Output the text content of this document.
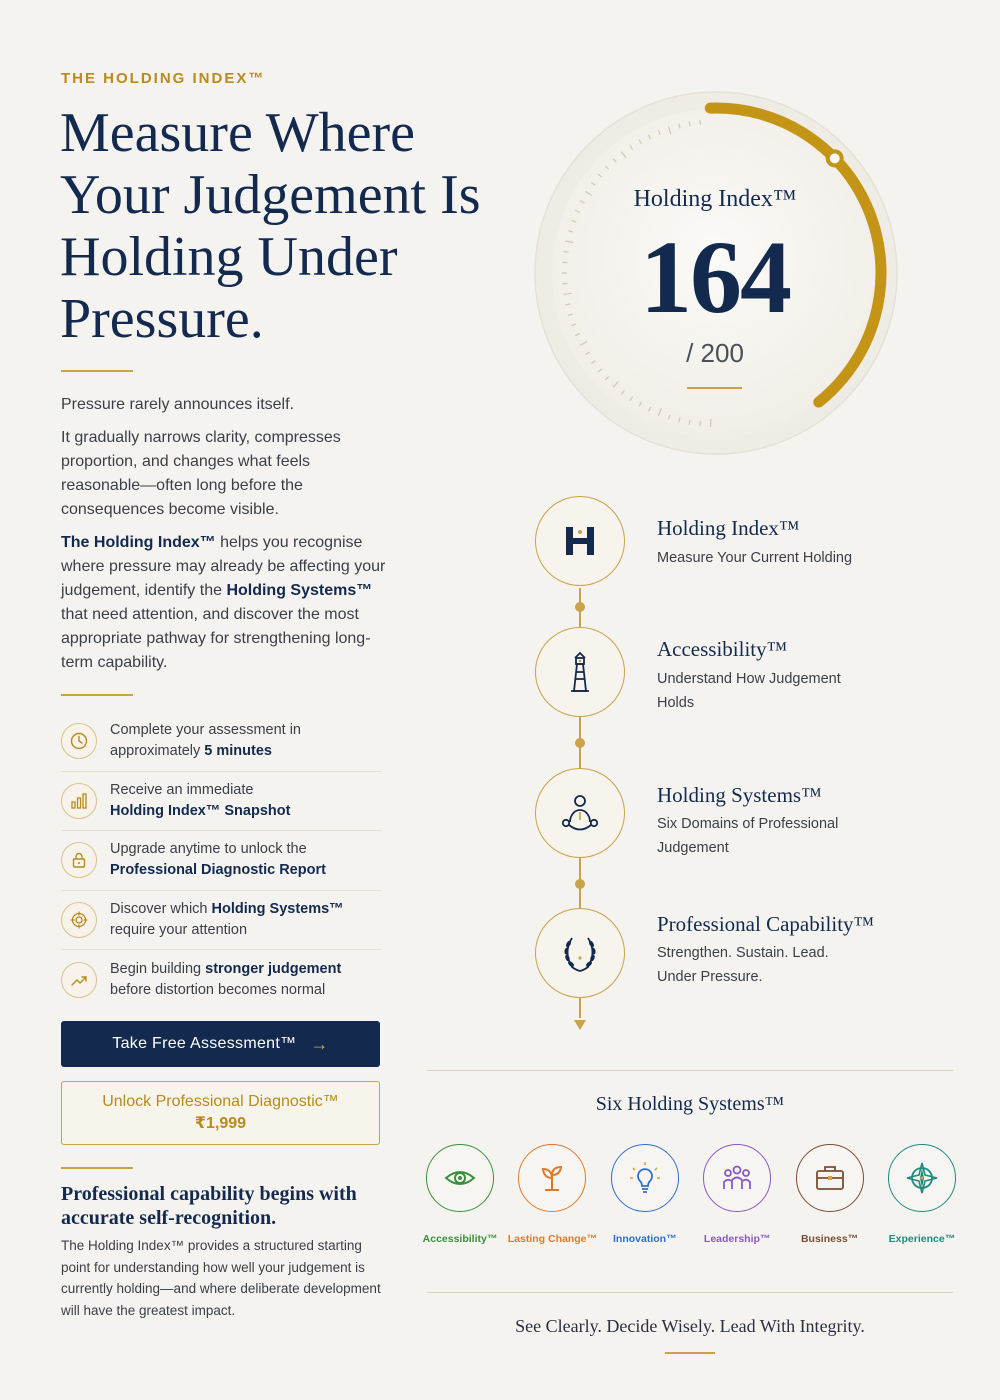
THE HOLDING INDEX™
Measure Where Your Judgement Is Holding Under Pressure.

Pressure rarely announces itself.

It gradually narrows clarity, compresses proportion, and changes what feels reasonable—often long before the consequences become visible.

The Holding Index™ helps you recognise where pressure may already be affecting your judgement, identify the Holding Systems™ that need attention, and discover the most appropriate pathway for strengthening long-term capability.

Complete your assessment in approximately 5 minutes
Receive an immediate
Holding Index™ Snapshot
Upgrade anytime to unlock the
Professional Diagnostic Report
Discover which Holding Systems™
require your attention
Begin building stronger judgement
before distortion becomes normal
Take Free Assessment™ →
Unlock Professional Diagnostic™
₹1,999
Professional capability begins with accurate self-recognition.

The Holding Index™ provides a structured starting point for understanding how well your judgement is currently holding—and where deliberate development will have the greatest impact.

Holding Index™
164
/ 200
Holding Index™
Measure Your Current Holding
Accessibility™
Understand How Judgement Holds
Holding Systems™
Six Domains of Professional Judgement
Professional Capability™
Strengthen. Sustain. Lead. Under Pressure.
Six Holding Systems™
Accessibility™ Lasting Change™	Innovation™	Leadership™	Business™	Experience™
See Clearly. Decide Wisely. Lead With Integrity.
